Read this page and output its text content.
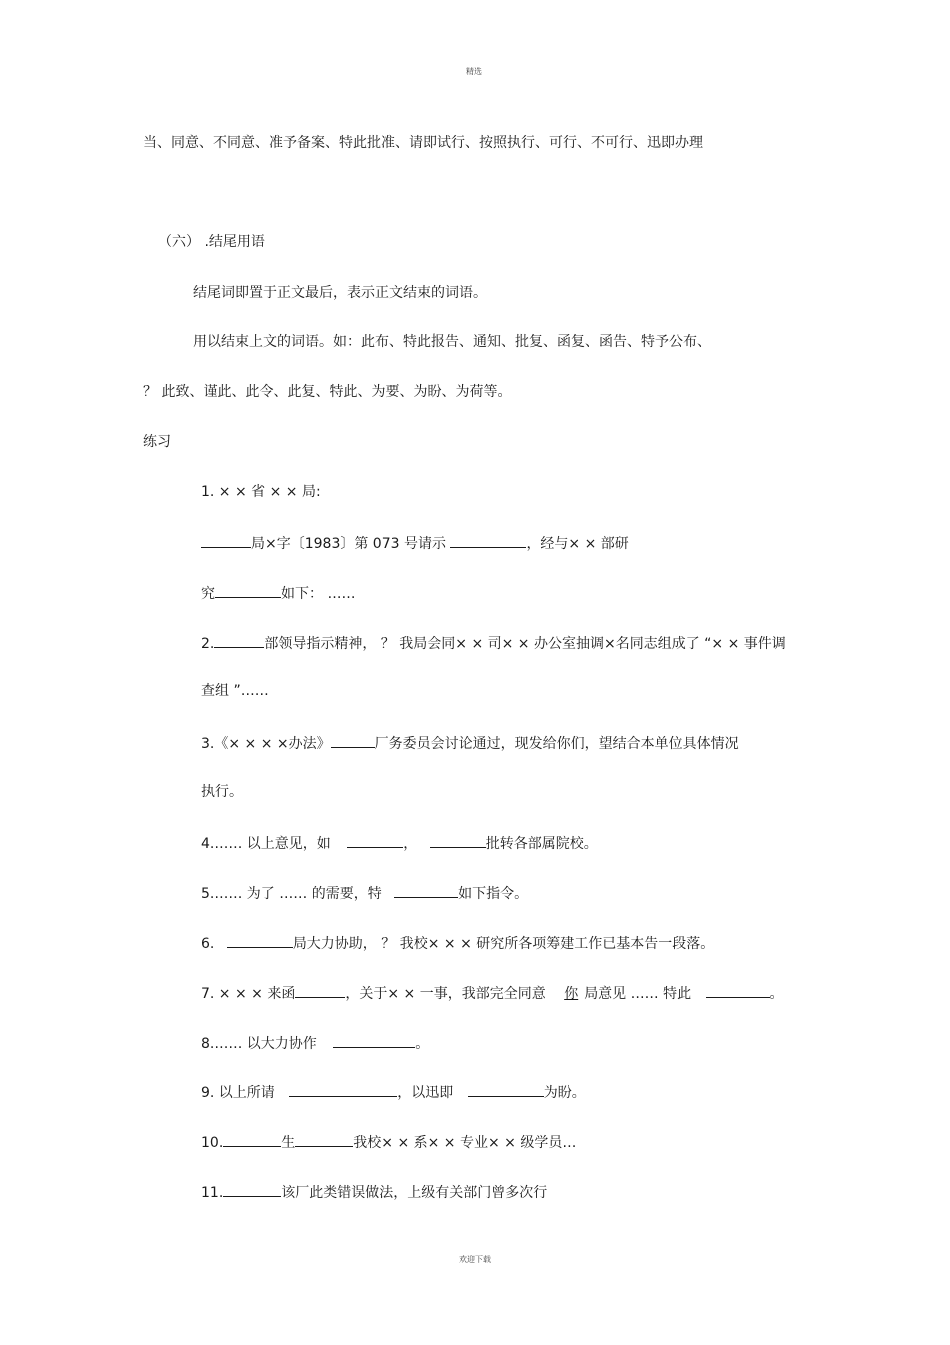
精选
当、同意、不同意、准予备案、特此批准、请即试行、按照执行、可行、不可行、迅即办理
（六） .结尾用语
结尾词即置于正文最后，表示正文结束的词语。
用以结束上文的词语。如：此布、特此报告、通知、批复、函复、函告、特予公布、
？ 此致、谨此、此令、此复、特此、为要、为盼、为荷等。
练习
1. × × 省 × × 局:
局×字〔1983〕第 073 号请示	，经与× × 部研
究	如下： ……
2.	部领导指示精神， ？ 我局会同× × 司× × 办公室抽调×名同志组成了 “× × 事件调
查组 ”……
3.《× × × ×办法》	厂务委员会讨论通过，现发给你们，望结合本单位具体情况
执行。
4.…… 以上意见，如	，	批转各部属院校。
5.…… 为了 …… 的需要，特	如下指令。
6.	局大力协助， ？ 我校× × × 研究所各项筹建工作已基本告一段落。
7. × × × 来函	，关于× × 一事，我部完全同意 你 局意见 …… 特此	。
8.…… 以大力协作	。
9. 以上所请	，以迅即	为盼。
10.	生	我校× × 系× × 专业× × 级学员…
11.	该厂此类错误做法，上级有关部门曾多次行
欢迎下载
